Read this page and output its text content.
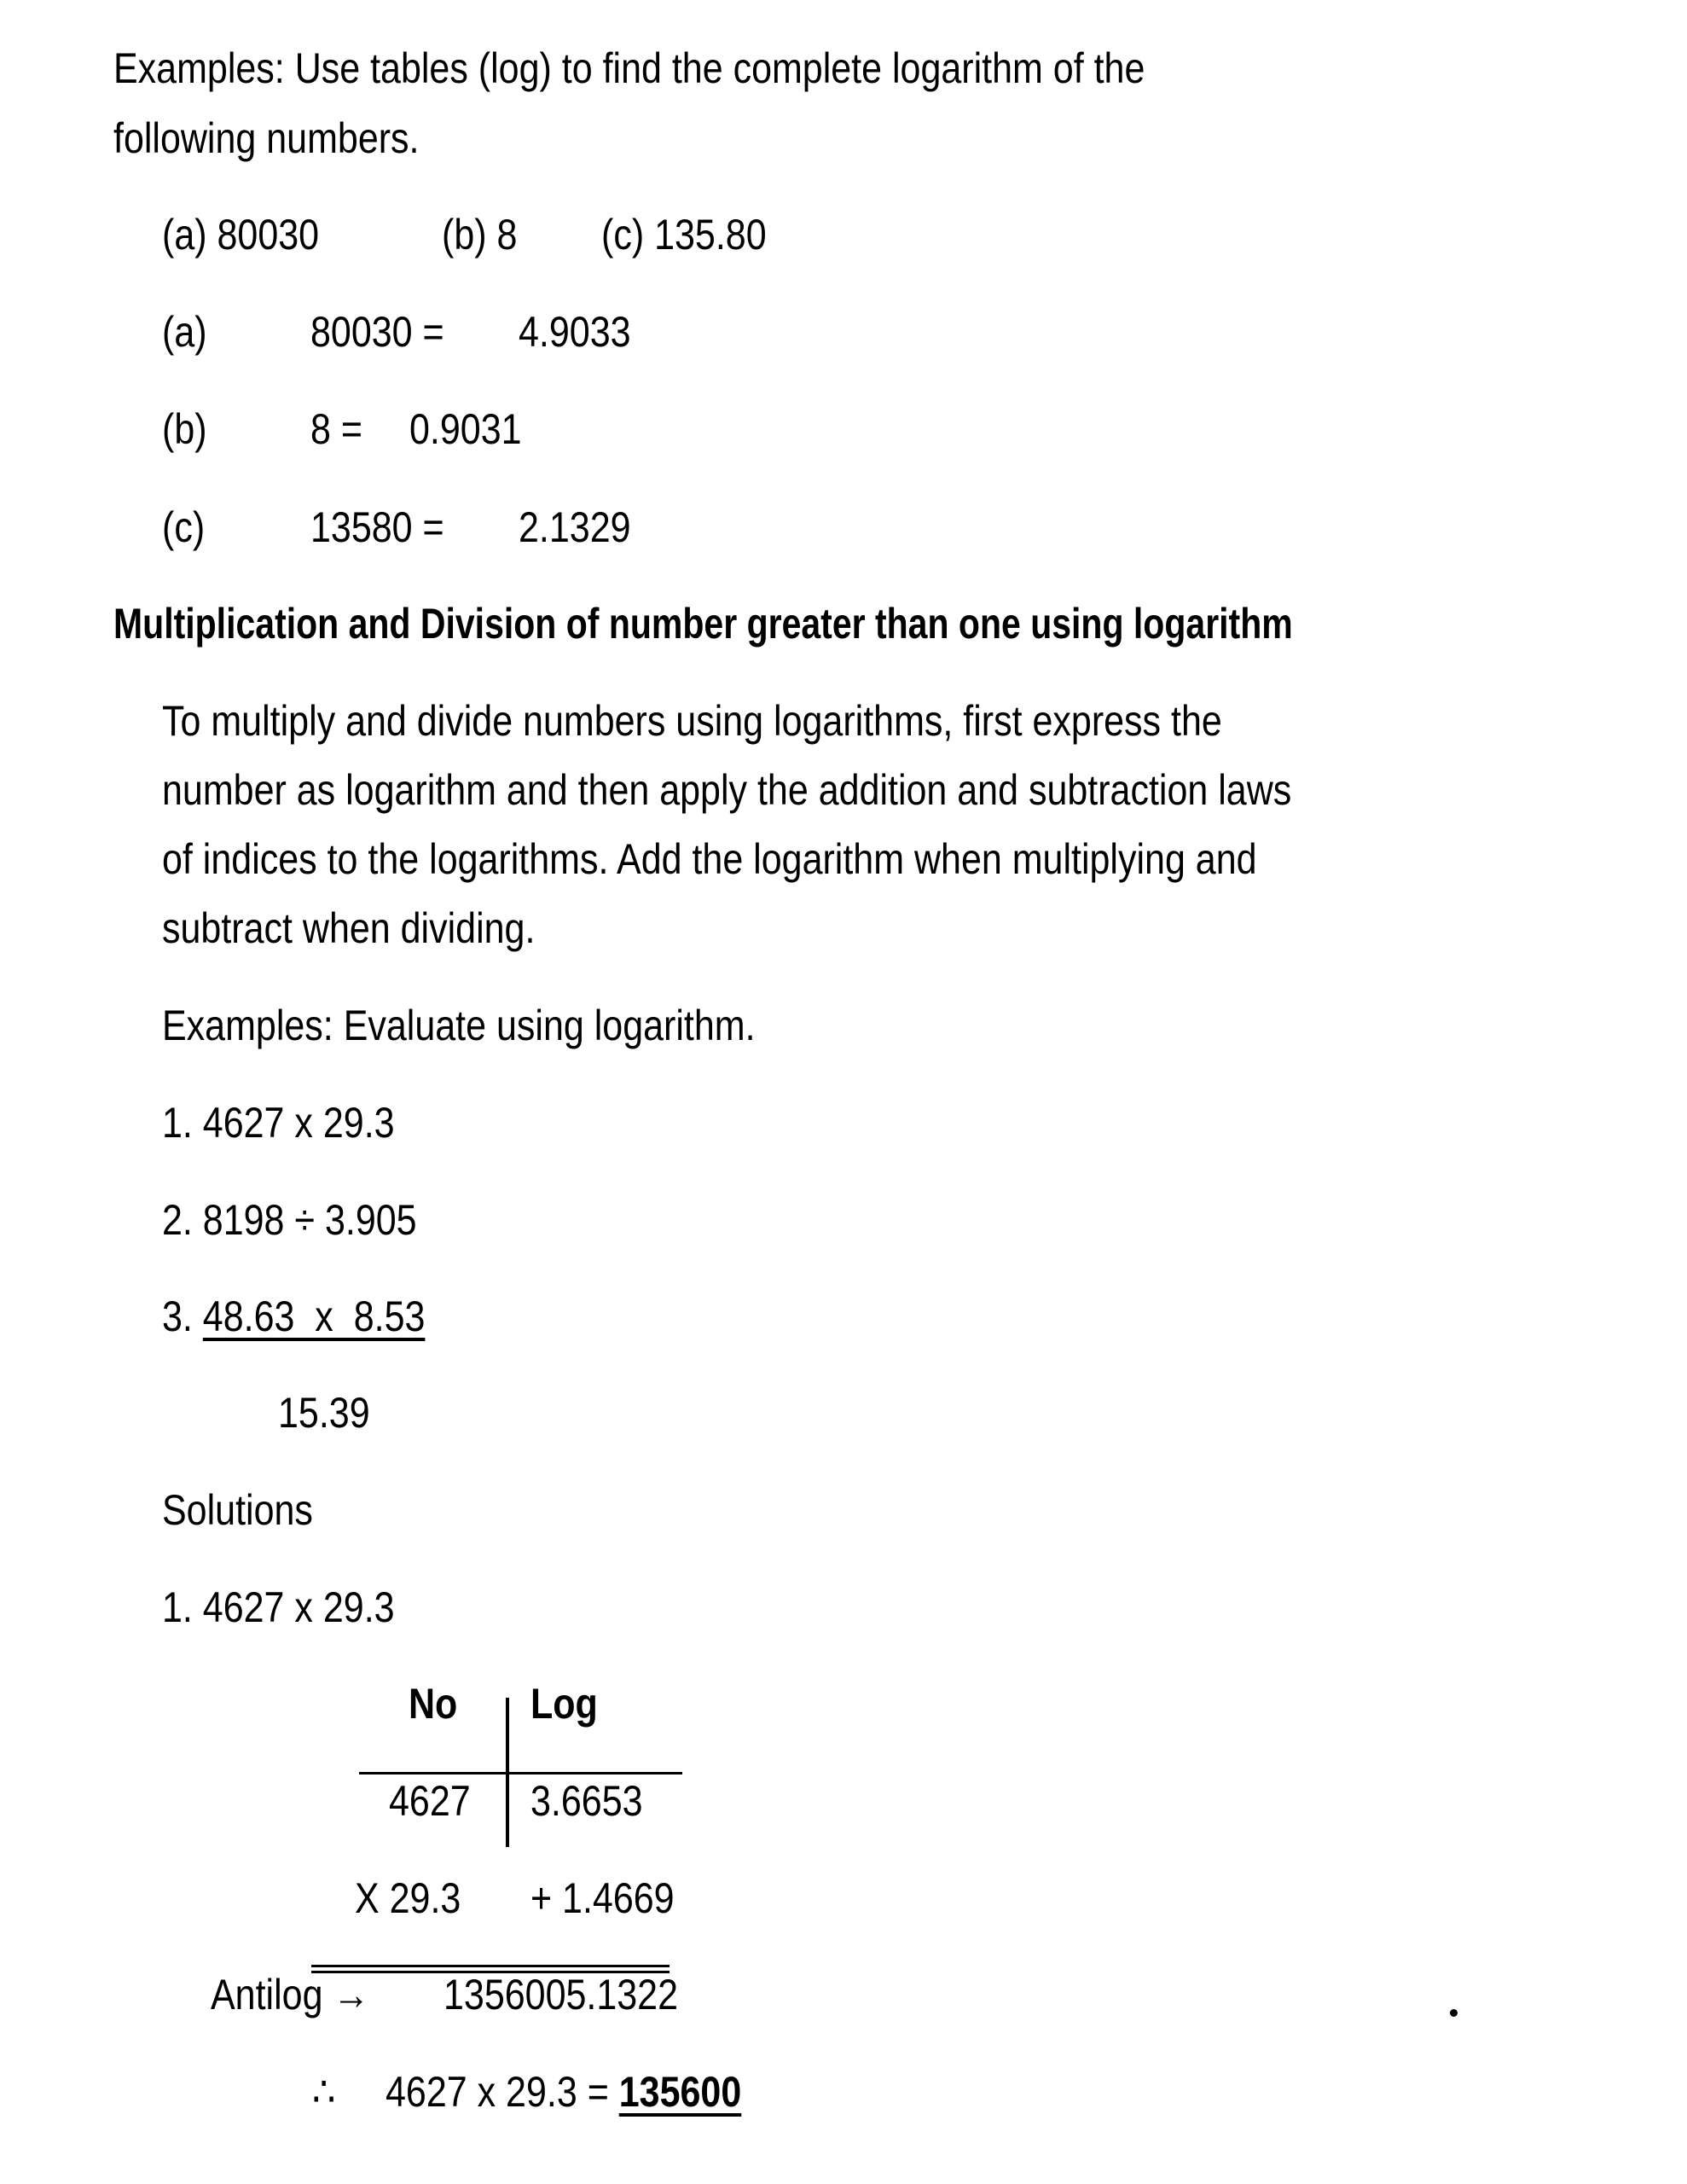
Examples: Use tables (log) to find the complete logarithm of the
following numbers.
(a) 80030	(b) 8 (c) 135.80
(a) 80030 = 4.9033
(b) 8 = 0.9031
(c) 13580 = 2.1329
Multiplication and Division of number greater than one using logarithm
To multiply and divide numbers using logarithms, first express the
number as logarithm and then apply the addition and subtraction laws
of indices to the logarithms. Add the logarithm when multiplying and
subtract when dividing.
Examples: Evaluate using logarithm.
1. 4627 x 29.3
2. 8198 ÷ 3.905
3. 48.63  x  8.53
15.39
Solutions
1. 4627 x 29.3
No Log
4627 3.6653
X 29.3 + 1.4669
Antilog → 1356005.1322
∴ 4627 x 29.3 = 135600
